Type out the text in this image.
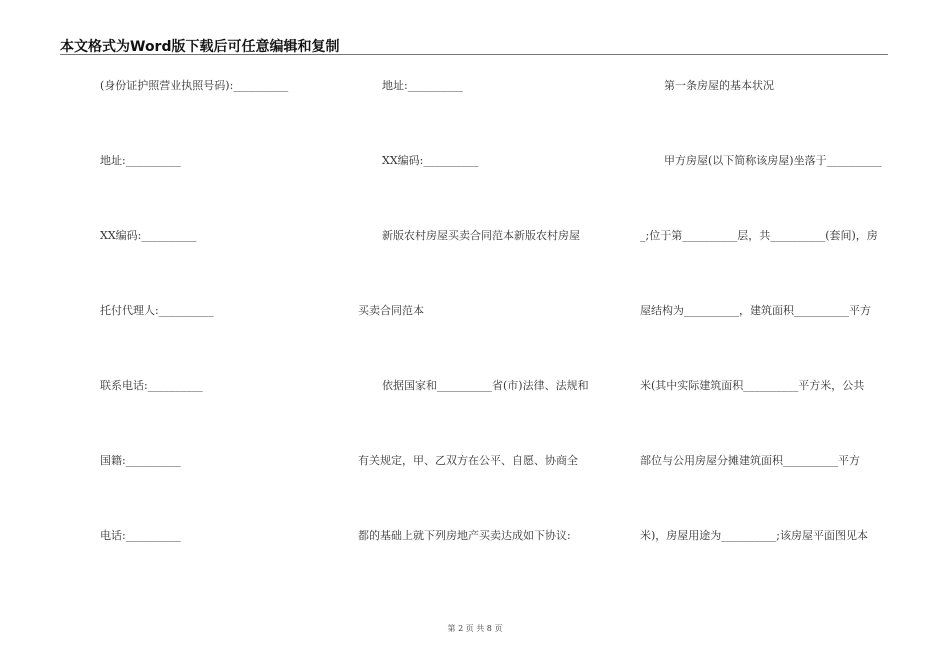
本文格式为Word版下载后可任意编辑和复制
(身份证护照营业执照号码):__________
地址:__________
XX编码:__________
托付代理人:__________
联系电话:__________
国籍:__________
电话:__________
地址:__________
XX编码:__________
新版农村房屋买卖合同范本新版农村房屋
买卖合同范本
依据国家和__________省(市)法律、法规和
有关规定，甲、乙双方在公平、自愿、协商全
都的基础上就下列房地产买卖达成如下协议:
第一条房屋的基本状况
甲方房屋(以下简称该房屋)坐落于__________
_;位于第__________层，共__________(套间)，房
屋结构为__________，建筑面积__________平方
米(其中实际建筑面积__________平方米，公共
部位与公用房屋分摊建筑面积__________平方
米)，房屋用途为__________;该房屋平面图见本
第 2 页 共 8 页
